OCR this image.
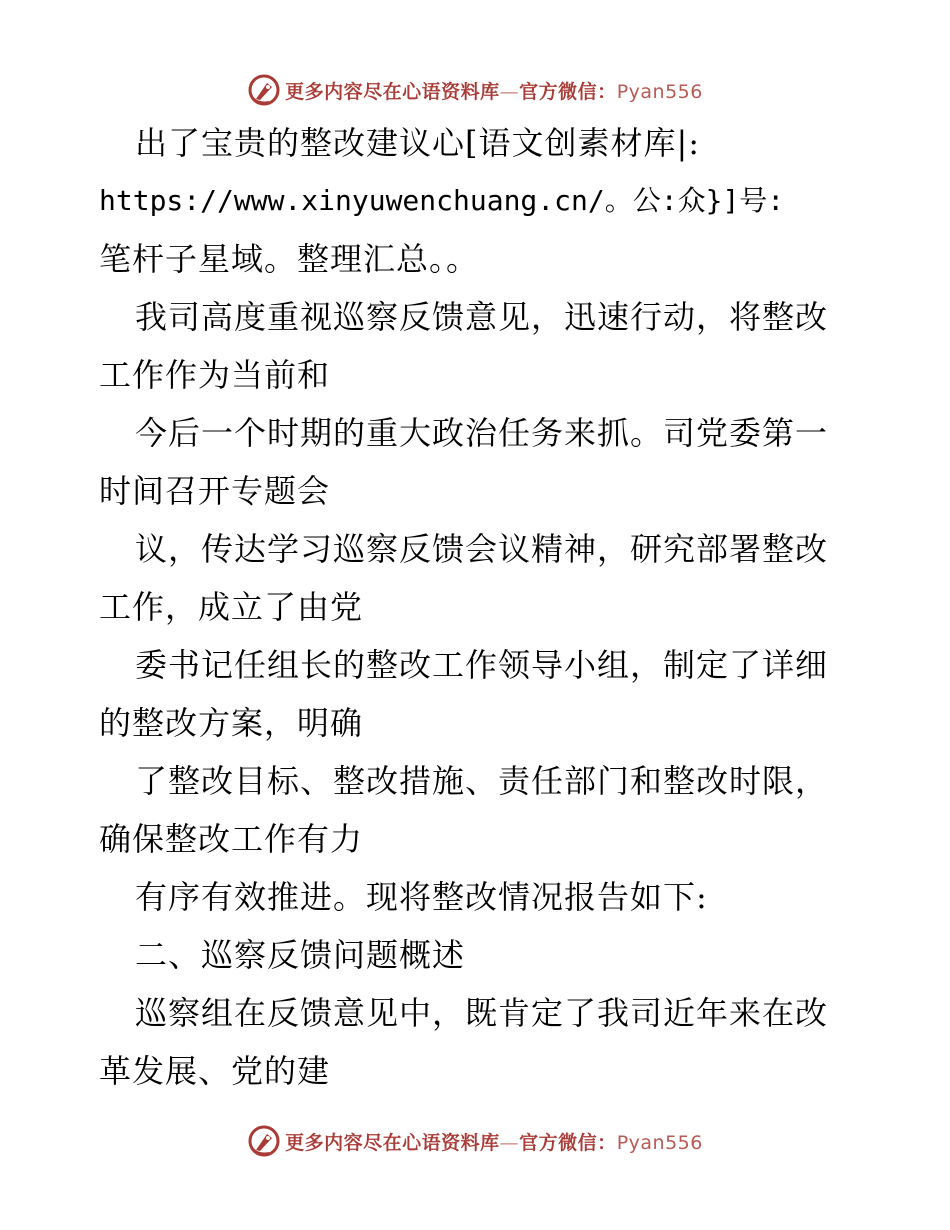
更多内容尽在心语资料库—官方微信：Pyan556
出了宝贵的整改建议心[语文创素材库|:
https://www.xinyuwenchuang.cn/。公:众}]号:
笔杆子星域。整理汇总。。
我司高度重视巡察反馈意见，迅速行动，将整改
工作作为当前和
今后一个时期的重大政治任务来抓。司党委第一
时间召开专题会
议，传达学习巡察反馈会议精神，研究部署整改
工作，成立了由党
委书记任组长的整改工作领导小组，制定了详细
的整改方案，明确
了整改目标、整改措施、责任部门和整改时限，
确保整改工作有力
有序有效推进。现将整改情况报告如下:
二、巡察反馈问题概述
巡察组在反馈意见中，既肯定了我司近年来在改
革发展、党的建
更多内容尽在心语资料库—官方微信：Pyan556
